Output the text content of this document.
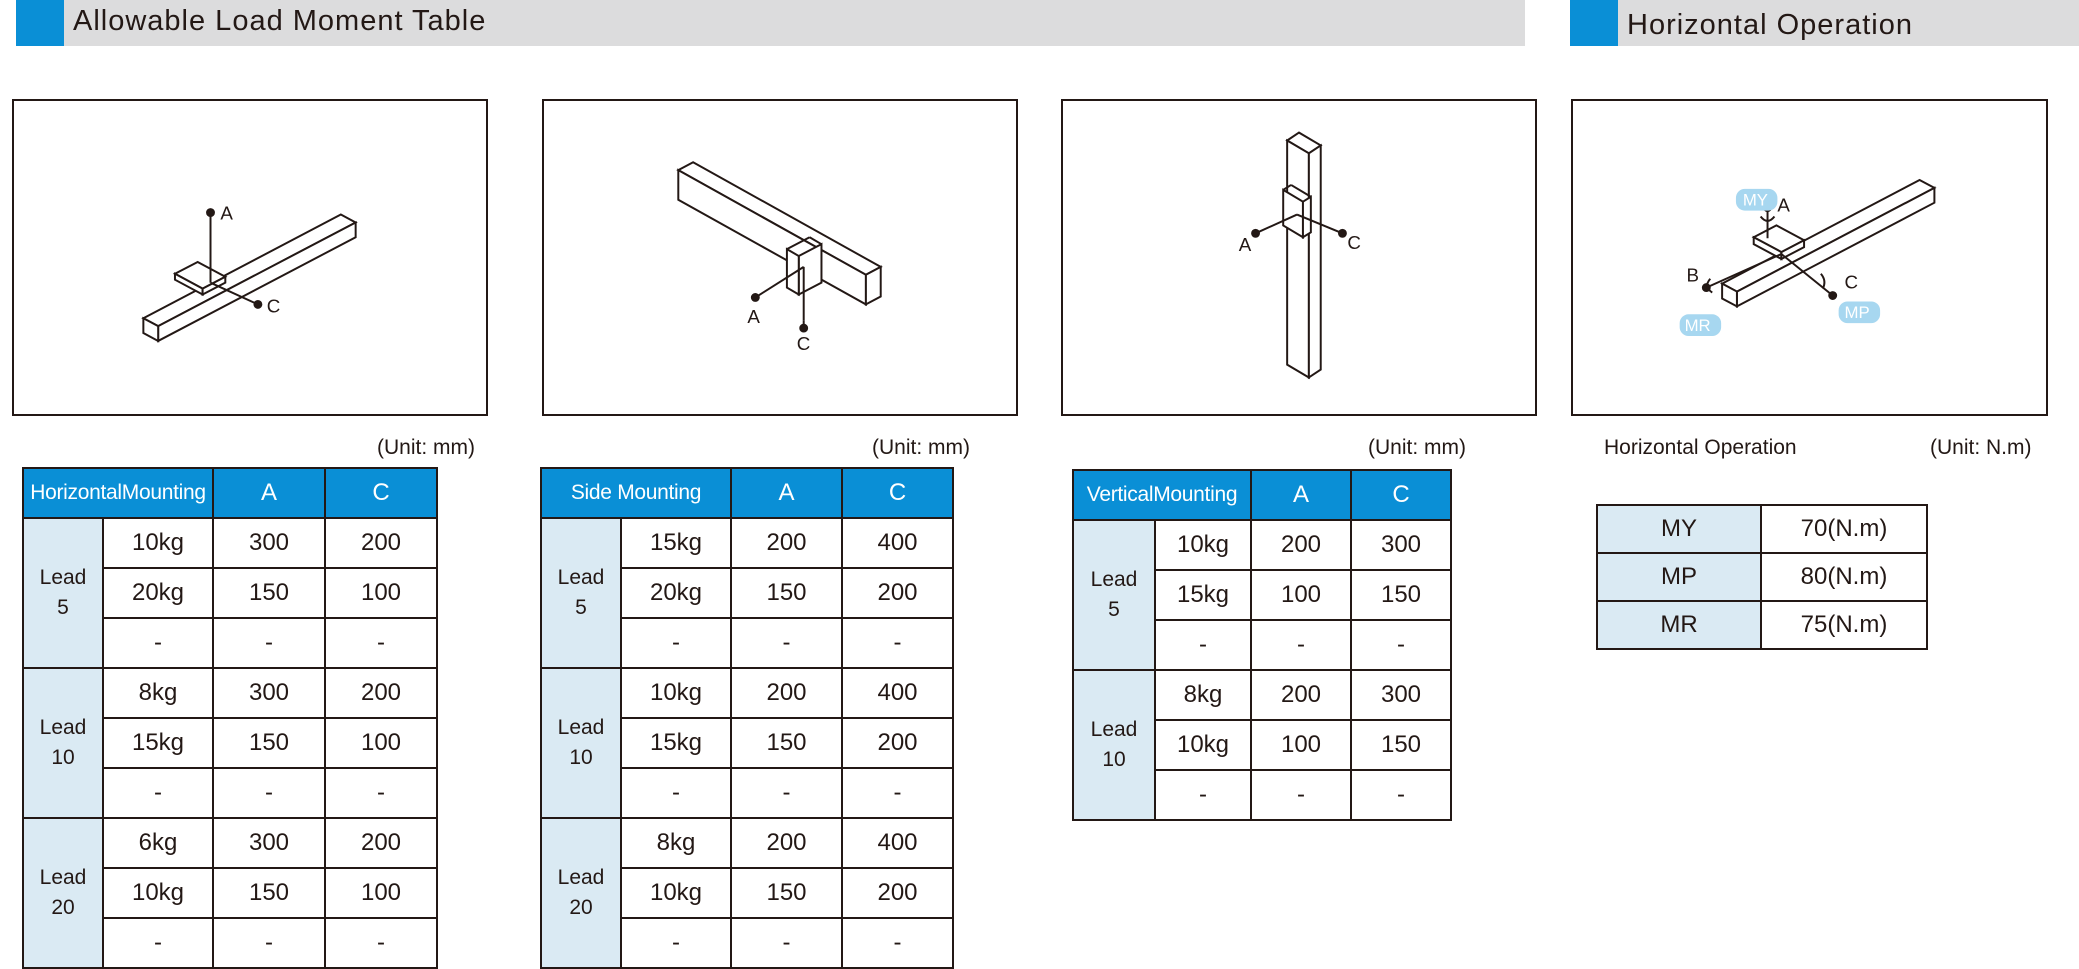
Allowable Load Moment Table	Horizontal Operation
A
C
A
C
A	C
MY
MP
MR
A
B	C
(Unit: mm)	(Unit: mm)	(Unit: mm)	Horizontal Operation	(Unit: N.m)
HorizontalMounting		A	C

Lead
5	10kg	300	200
	20kg	150	100
	-	-	-

Lead
10	8kg	300	200
	15kg	150	100
	-	-	-

Lead
20	6kg	300	200
	10kg	150	100
	-	-	-
Side Mounting		A	C

Lead
5	15kg	200	400
	20kg	150	200
	-	-	-

Lead
10	10kg	200	400
	15kg	150	200
	-	-	-

Lead
20	8kg	200	400
	10kg	150	200
	-	-	-
VerticalMounting		A	C

Lead
5	10kg	200	300
	15kg	100	150
	-	-	-

Lead
10	8kg	200	300
	10kg	100	150
	-	-	-
MY	70(N.m)
MP	80(N.m)
MR	75(N.m)
